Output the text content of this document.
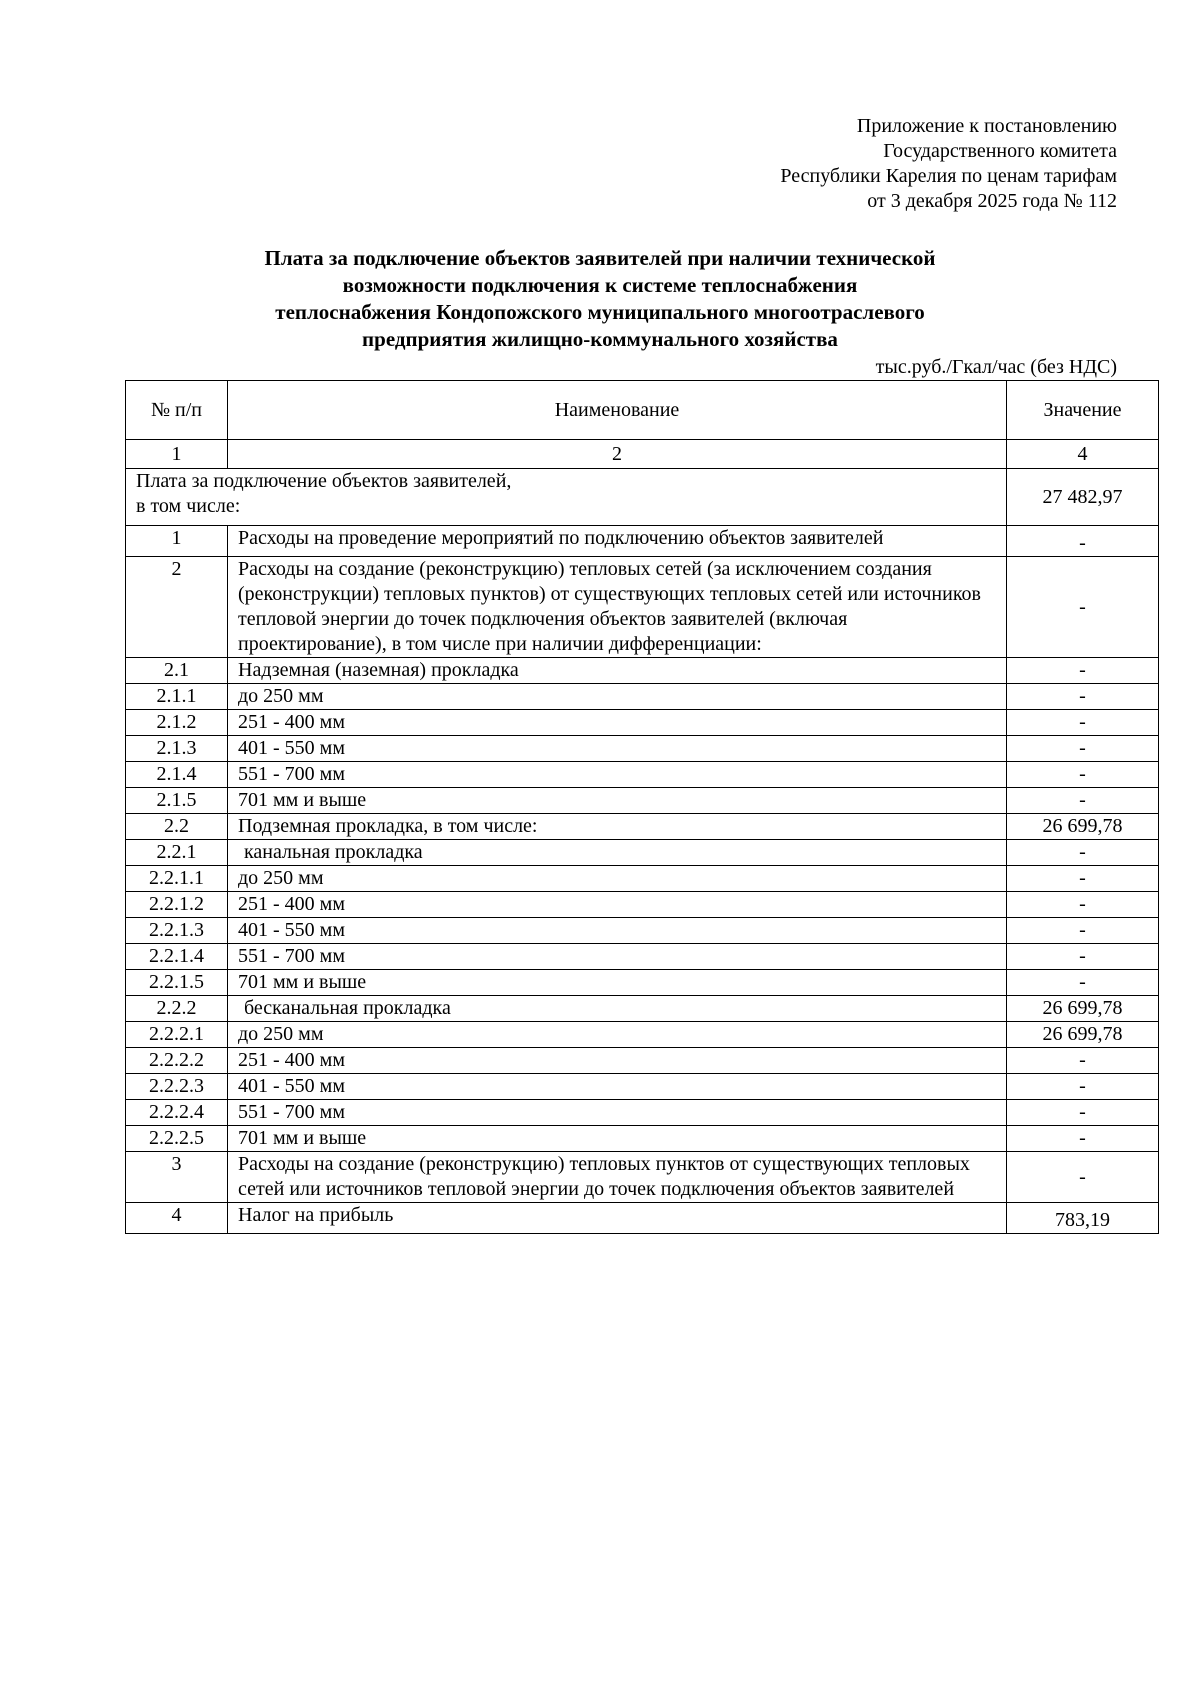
Приложение к постановлению
Государственного комитета
Республики Карелия по ценам тарифам
от 3 декабря 2025 года № 112
Плата за подключение объектов заявителей при наличии технической
возможности подключения к системе теплоснабжения
теплоснабжения Кондопожского муниципального многоотраслевого
предприятия жилищно-коммунального хозяйства
тыс.руб./Гкал/час (без НДС)
№ п/п	Наименование	Значение
1	2	4

Плата за подключение объектов заявителей,
в том числе:		27 482,97
1	Расходы на проведение мероприятий по подключению объектов заявителей	-
2	Расходы на создание (реконструкцию) тепловых сетей (за исключением создания (реконструкции) тепловых пунктов) от существующих тепловых сетей или источников тепловой энергии до точек подключения объектов заявителей (включая проектирование), в том числе при наличии дифференциации:	-
2.1	Надземная (наземная) прокладка	-
2.1.1	до 250 мм	-
2.1.2	251 - 400 мм	-
2.1.3	401 - 550 мм	-
2.1.4	551 - 700 мм	-
2.1.5	701 мм и выше	-
2.2	Подземная прокладка, в том числе:	26 699,78
2.2.1	канальная прокладка	-
2.2.1.1	до 250 мм	-
2.2.1.2	251 - 400 мм	-
2.2.1.3	401 - 550 мм	-
2.2.1.4	551 - 700 мм	-
2.2.1.5	701 мм и выше	-
2.2.2	бесканальная прокладка	26 699,78
2.2.2.1	до 250 мм	26 699,78
2.2.2.2	251 - 400 мм	-
2.2.2.3	401 - 550 мм	-
2.2.2.4	551 - 700 мм	-
2.2.2.5	701 мм и выше	-
3	Расходы на создание (реконструкцию) тепловых пунктов от существующих тепловых сетей или источников тепловой энергии до точек подключения объектов заявителей	-
4	Налог на прибыль	783,19
